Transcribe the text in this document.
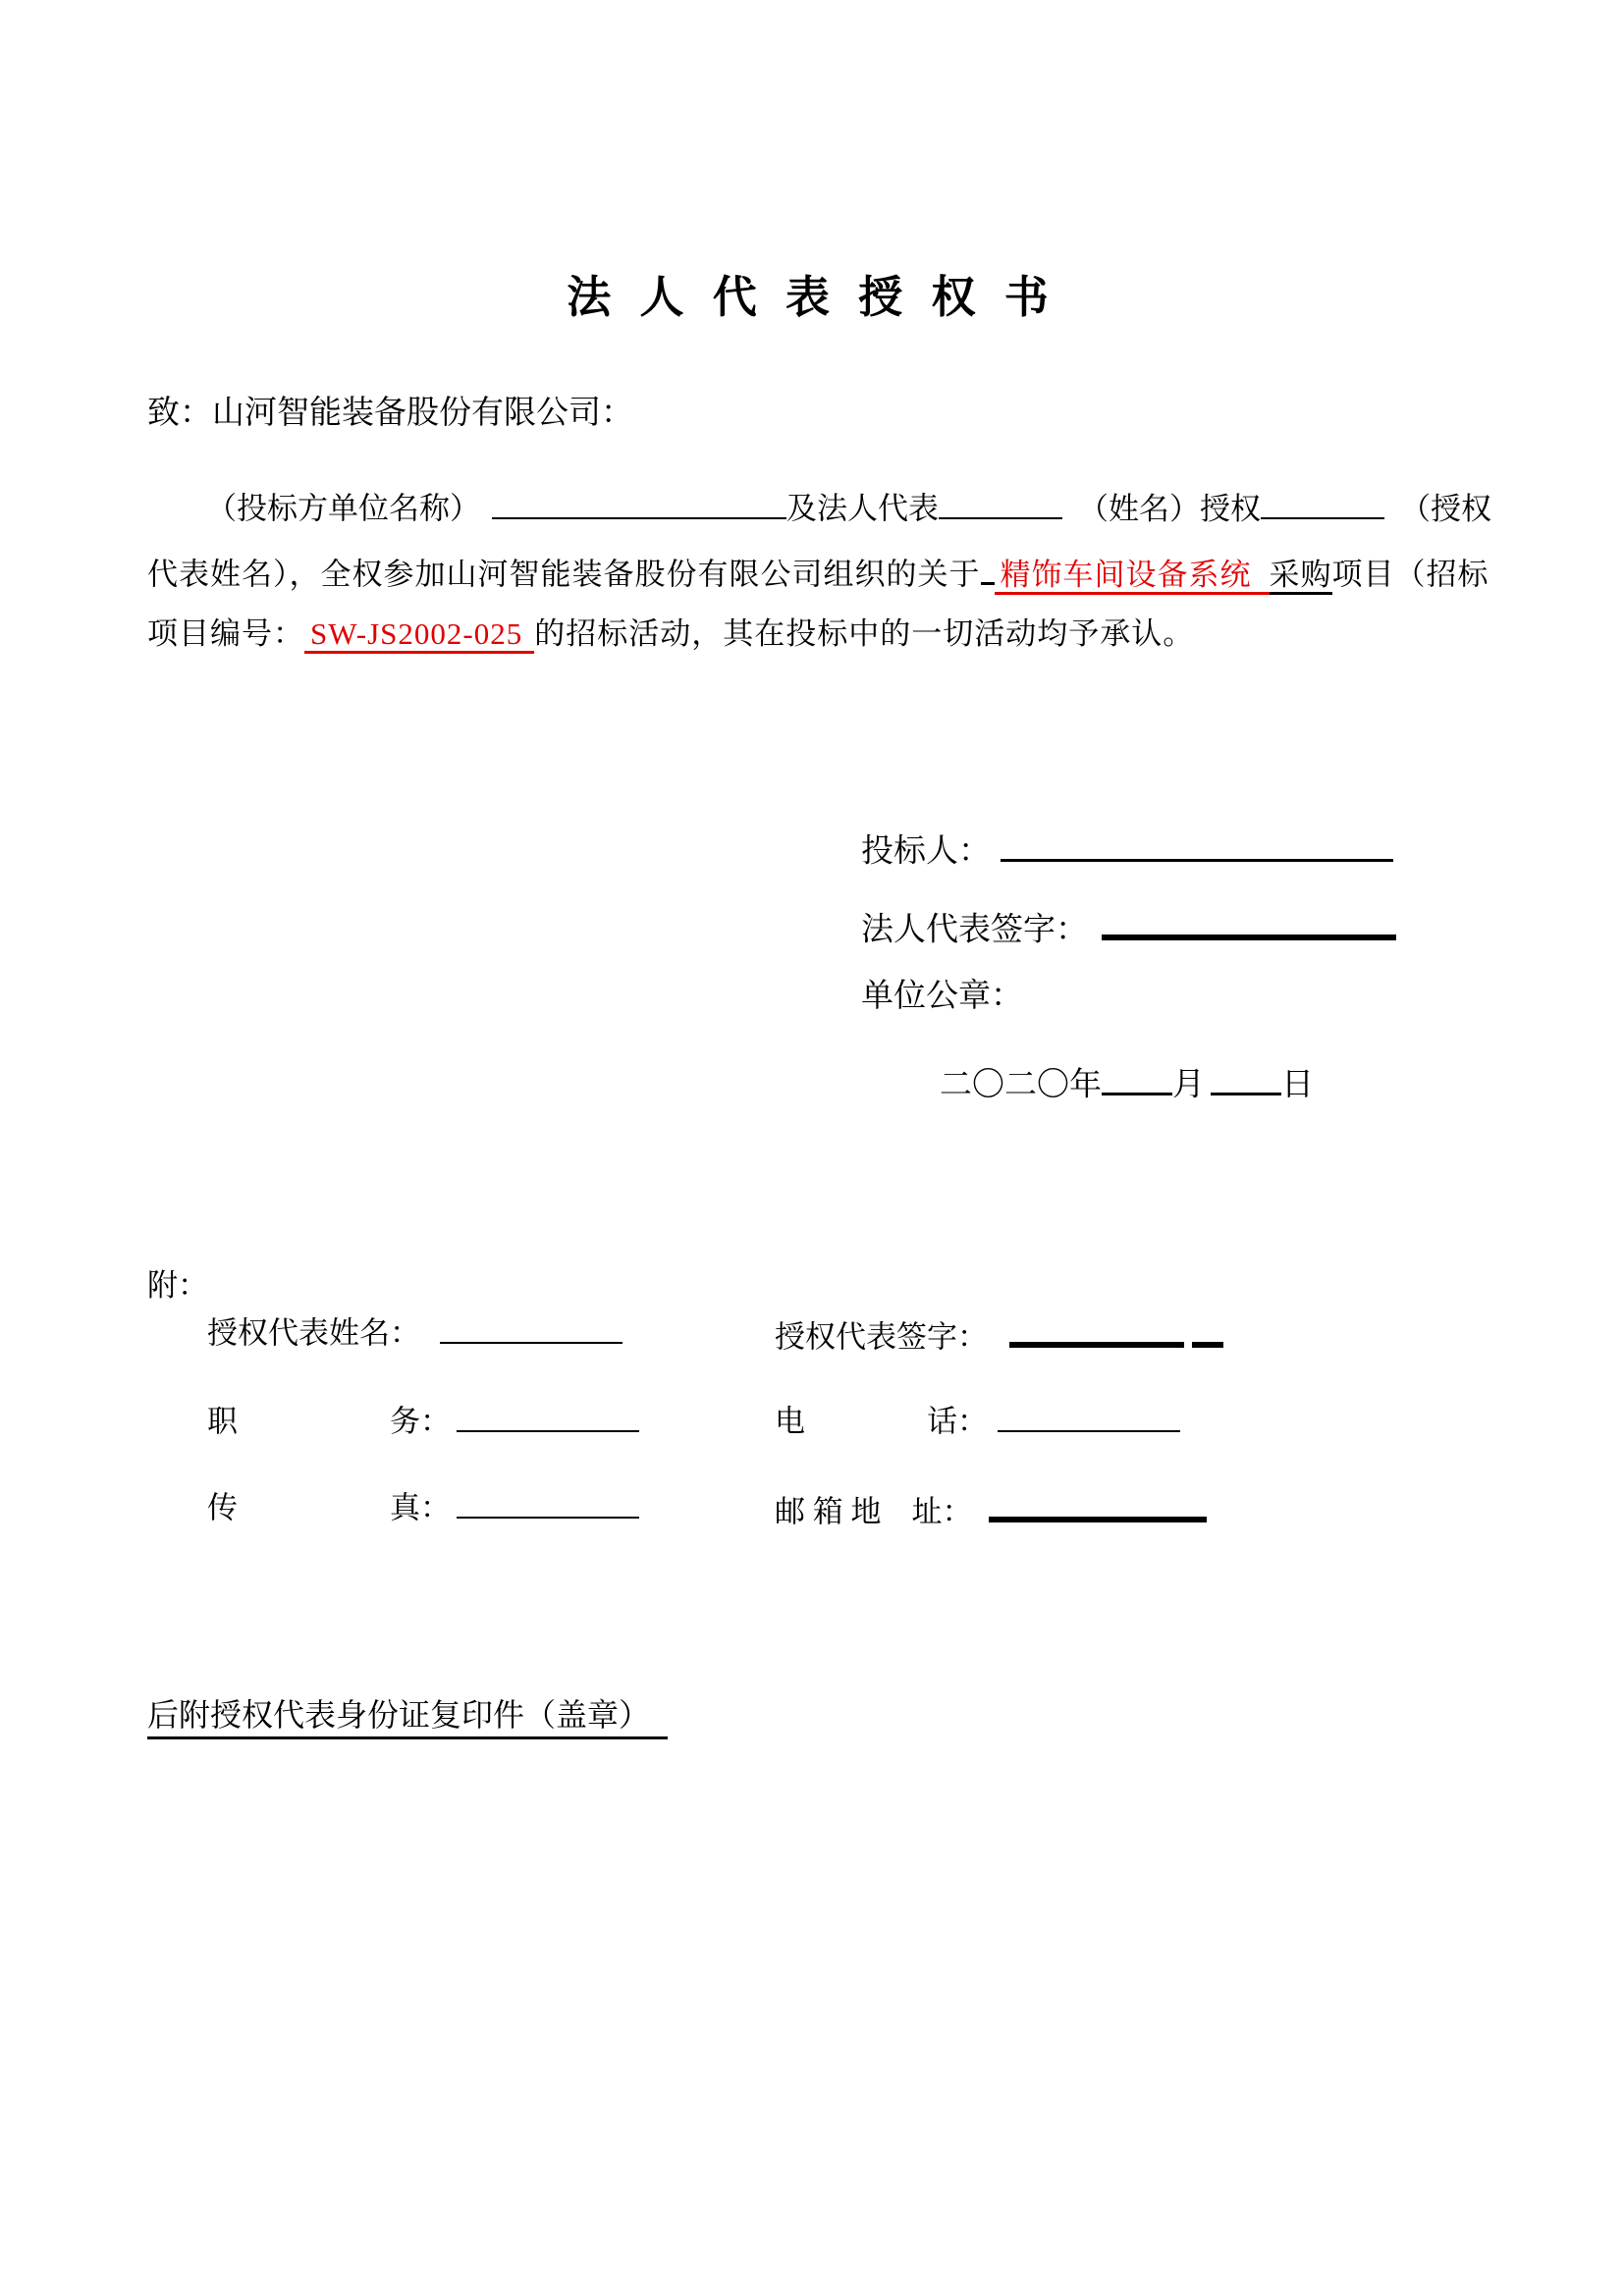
法 人 代 表 授 权 书
致：山河智能装备股份有限公司：
（投标方单位名称）	及法人代表	（姓名）授权	（授权
代表姓名），全权参加山河智能装备股份有限公司组织的关于 精饰车间设备系统 采购项目（招标
项目编号： SW-JS2002-025 的招标活动，其在投标中的一切活动均予承认。
投标人：
法人代表签字：
单位公章：
二〇二〇年 月 日
附：
授权代表姓名：	授权代表签字：
职　　　　　务：	电　　　　话：
传　　　　　真：	邮 箱 地　址：
后附授权代表身份证复印件（盖章）
